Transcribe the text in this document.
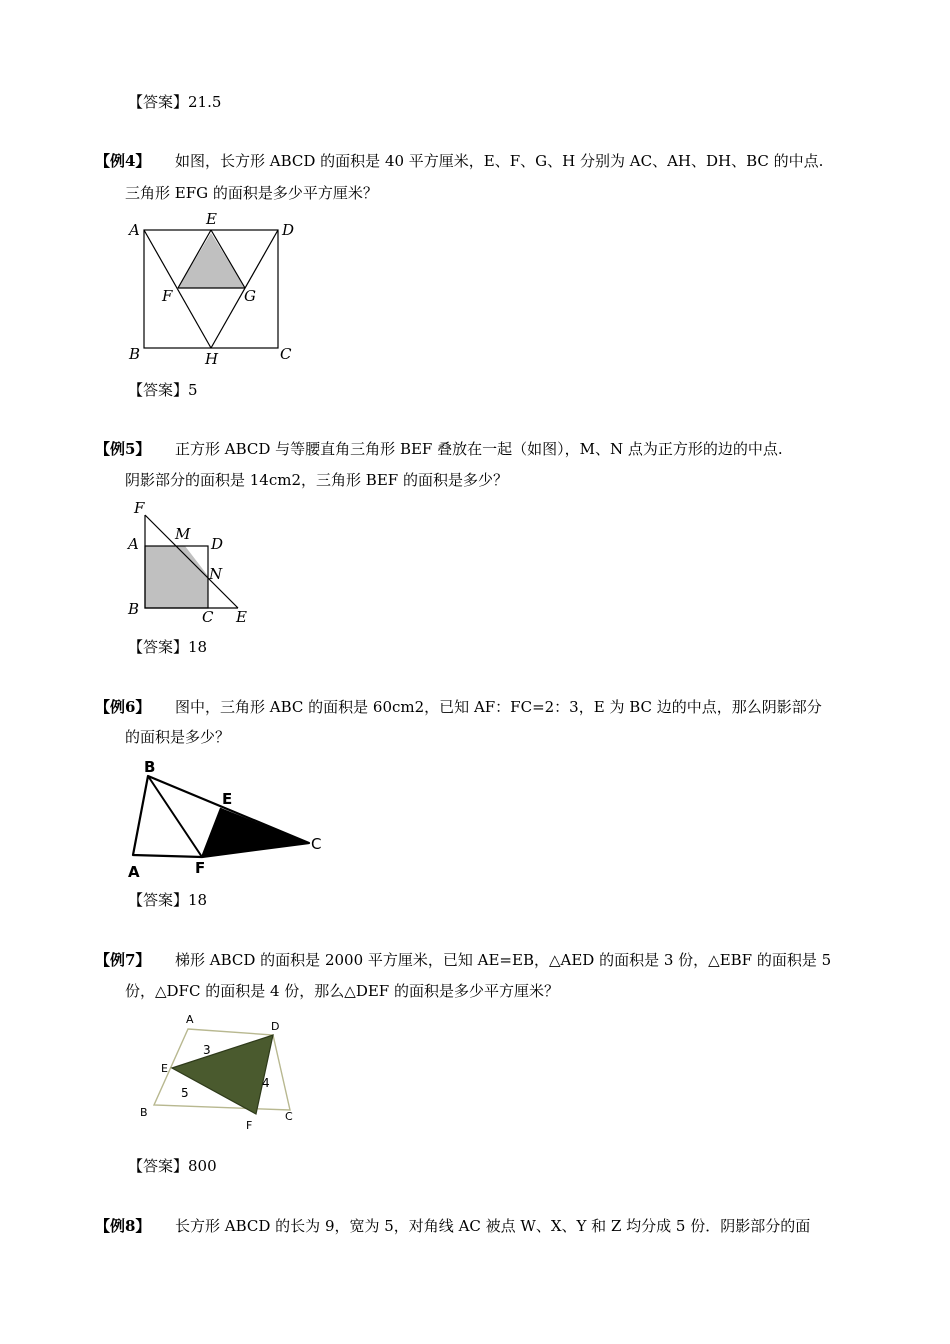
【答案】21.5
【例4】 如图，长方形 ABCD 的面积是 40 平方厘米，E、F、G、H 分别为 AC、AH、DH、BC 的中点.
三角形 EFG 的面积是多少平方厘米？
A
E
D
F	G
B	H	C
【答案】5
【例5】 正方形 ABCD 与等腰直角三角形 BEF 叠放在一起（如图），M、N 点为正方形的边的中点.
阴影部分的面积是 14cm2，三角形 BEF 的面积是多少？
F
M
A	D
N
B	C E
【答案】18
【例6】 图中，三角形 ABC 的面积是 60cm2，已知 AF：FC=2：3，E 为 BC 边的中点，那么阴影部分
的面积是多少？
B
E
C
A	F
【答案】18
【例7】 梯形 ABCD 的面积是 2000 平方厘米，已知 AE=EB，△AED 的面积是 3 份，△EBF 的面积是 5
份，△DFC 的面积是 4 份，那么△DEF 的面积是多少平方厘米？
A
D
3
E
4
5
B	C
F
【答案】800
【例8】 长方形 ABCD 的长为 9，宽为 5，对角线 AC 被点 W、X、Y 和 Z 均分成 5 份．阴影部分的面
